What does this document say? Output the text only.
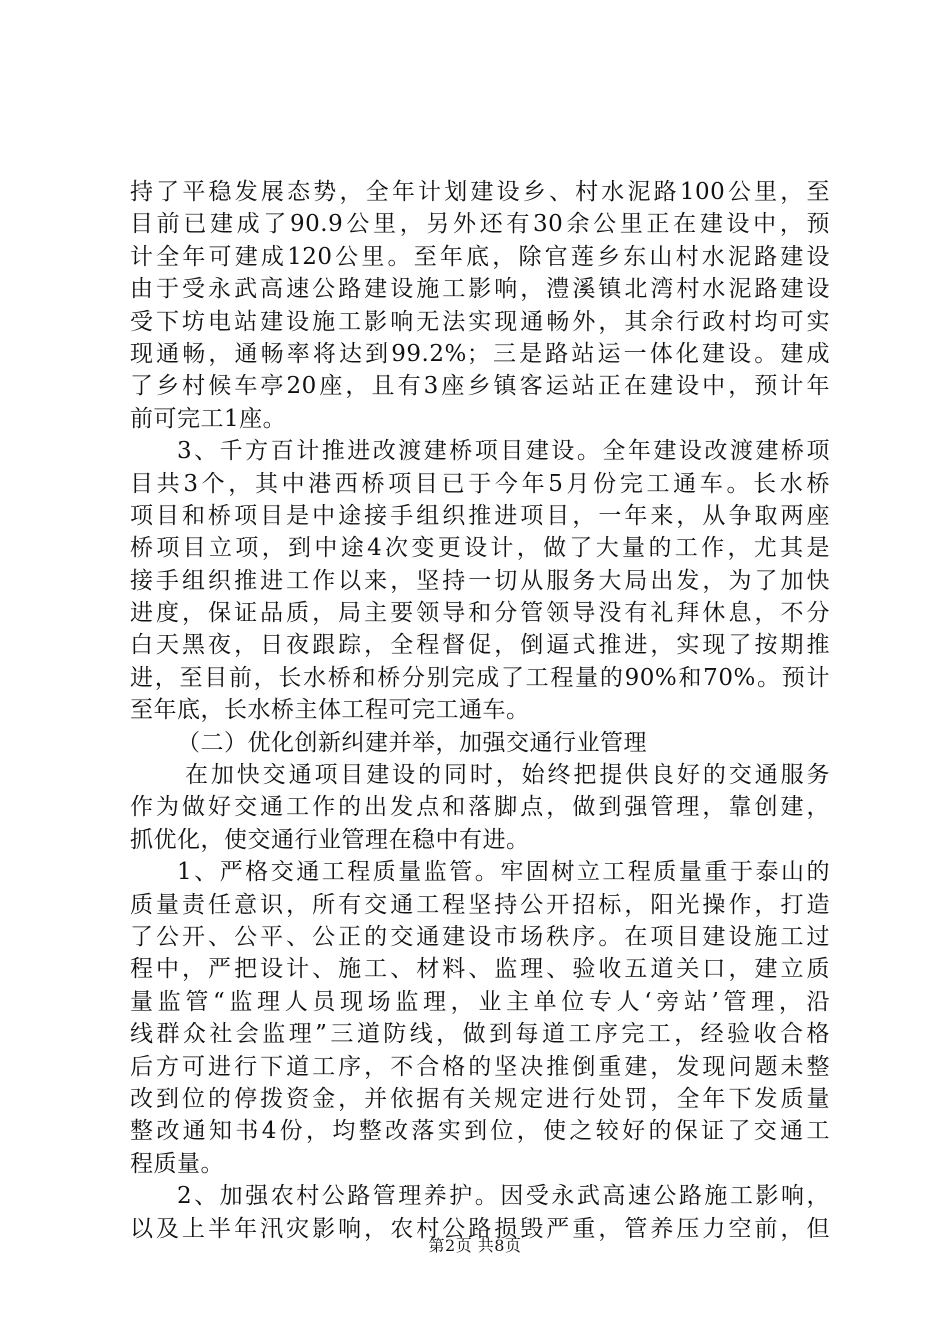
持了平稳发展态势，全年计划建设乡、村水泥路100公里，至
目前已建成了90.9公里，另外还有30余公里正在建设中，预
计全年可建成120公里。至年底，除官莲乡东山村水泥路建设
由于受永武高速公路建设施工影响，澧溪镇北湾村水泥路建设
受下坊电站建设施工影响无法实现通畅外，其余行政村均可实
现通畅，通畅率将达到99.2%；三是路站运一体化建设。建成
了乡村候车亭20座，且有3座乡镇客运站正在建设中，预计年
前可完工1座。
3、千方百计推进改渡建桥项目建设。全年建设改渡建桥项
目共3个，其中港西桥项目已于今年5月份完工通车。长水桥
项目和桥项目是中途接手组织推进项目，一年来，从争取两座
桥项目立项，到中途4次变更设计，做了大量的工作，尤其是
接手组织推进工作以来，坚持一切从服务大局出发，为了加快
进度，保证品质，局主要领导和分管领导没有礼拜休息，不分
白天黑夜，日夜跟踪，全程督促，倒逼式推进，实现了按期推
进，至目前，长水桥和桥分别完成了工程量的90%和70%。预计
至年底，长水桥主体工程可完工通车。
（二）优化创新纠建并举，加强交通行业管理
在加快交通项目建设的同时，始终把提供良好的交通服务
作为做好交通工作的出发点和落脚点，做到强管理，靠创建，
抓优化，使交通行业管理在稳中有进。
1、严格交通工程质量监管。牢固树立工程质量重于泰山的
质量责任意识，所有交通工程坚持公开招标，阳光操作，打造
了公开、公平、公正的交通建设市场秩序。在项目建设施工过
程中，严把设计、施工、材料、监理、验收五道关口，建立质
量监管“监理人员现场监理，业主单位专人‘旁站’管理，沿
线群众社会监理”三道防线，做到每道工序完工，经验收合格
后方可进行下道工序，不合格的坚决推倒重建，发现问题未整
改到位的停拨资金，并依据有关规定进行处罚，全年下发质量
整改通知书4份，均整改落实到位，使之较好的保证了交通工
程质量。
2、加强农村公路管理养护。因受永武高速公路施工影响，
以及上半年汛灾影响，农村公路损毁严重，管养压力空前，但
第2页 共8页
